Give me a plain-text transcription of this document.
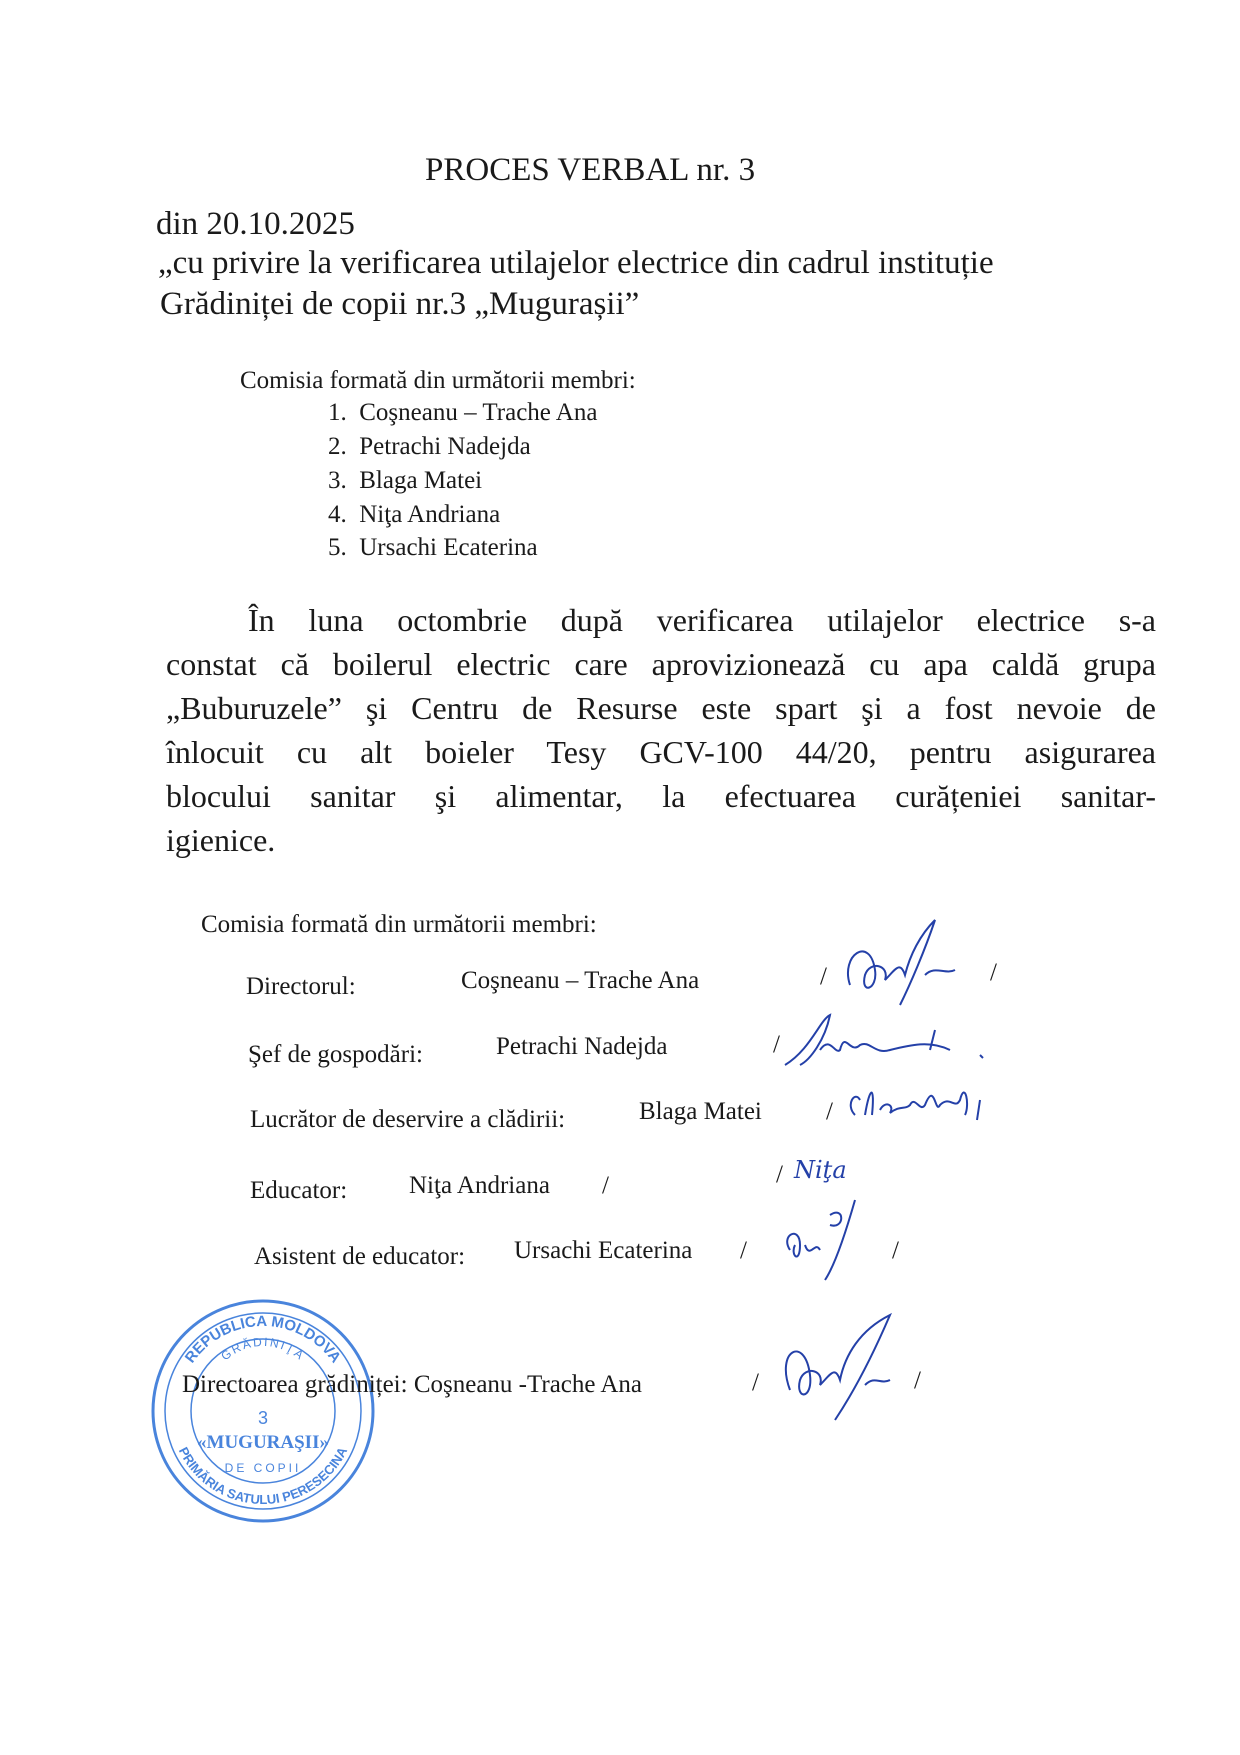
PROCES VERBAL nr. 3
din 20.10.2025
„cu privire la verificarea utilajelor electrice din cadrul instituție
Grădiniței de copii nr.3 „Mugurașii”
Comisia formată din următorii membri:
1. Coşneanu – Trache Ana
2. Petrachi Nadejda
3. Blaga Matei
4. Niţa Andriana
5. Ursachi Ecaterina
În luna octombrie după verificarea utilajelor electrice s-a
constat că boilerul electric care aprovizionează cu apa caldă grupa
„Buburuzele” şi Centru de Resurse este spart şi a fost nevoie de
înlocuit cu alt boieler Tesy GCV-100 44/20, pentru asigurarea
blocului sanitar şi alimentar, la efectuarea curățeniei sanitar-
igienice.
Comisia formată din următorii membri:
Directorul:	Coşneanu – Trache Ana	/	/
Şef de gospodări:	Petrachi Nadejda	/
Lucrător de deservire a clădirii:	Blaga Matei	/
Educator: Niţa Andriana /	/ Niţa
Asistent de educator: Ursachi Ecaterina /	/
REPUBLICA MOLDOVA
PRIMĂRIA SATULUI PERESECINA
GRĂDINIŢA
3
«MUGURAŞII»
DE COPII
Directoarea grădiniței: Coşneanu -Trache Ana	/	/
